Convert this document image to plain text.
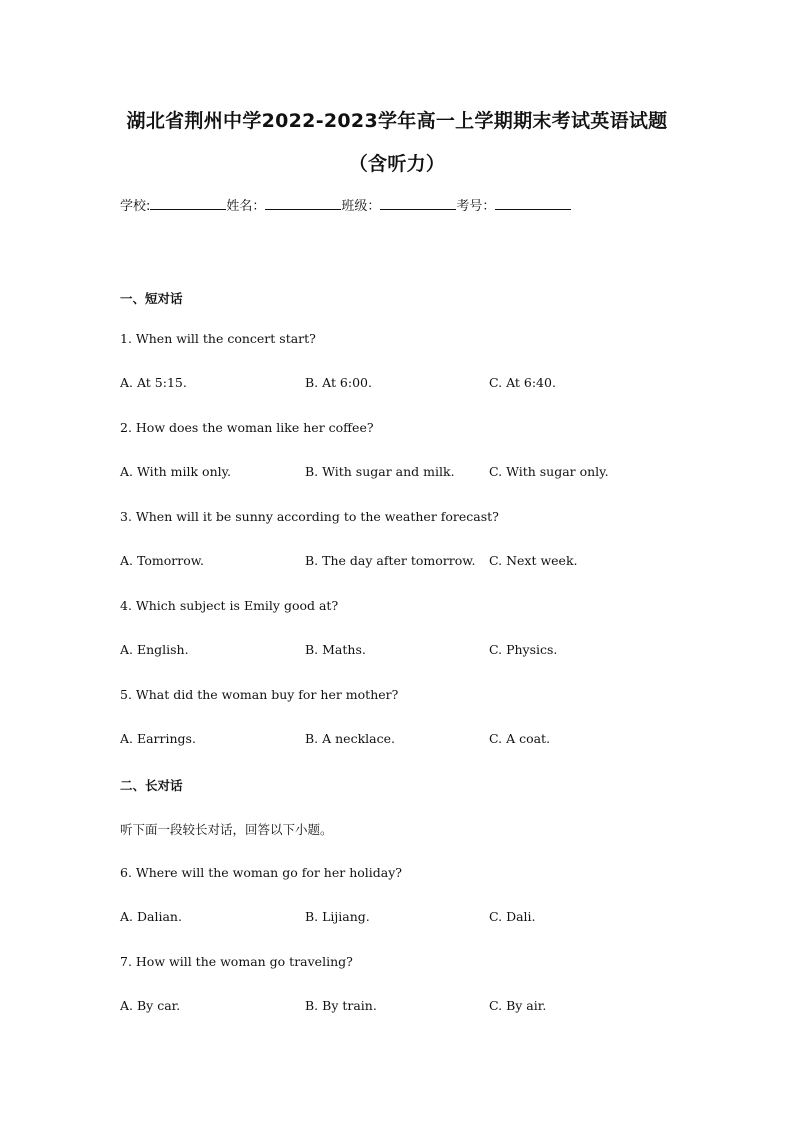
湖北省荆州中学2022-2023学年高一上学期期末考试英语试题
（含听力）
学校:	姓名：	班级：	考号：
一、短对话
1. When will the concert start?
A. At 5:15.	B. At 6:00.	C. At 6:40.
2. How does the woman like her coffee?
A. With milk only.	B. With sugar and milk.	C. With sugar only.
3. When will it be sunny according to the weather forecast?
A. Tomorrow.	B. The day after tomorrow. C. Next week.
4. Which subject is Emily good at?
A. English.	B. Maths.	C. Physics.
5. What did the woman buy for her mother?
A. Earrings.	B. A necklace.	C. A coat.
二、长对话
听下面一段较长对话，回答以下小题。
6. Where will the woman go for her holiday?
A. Dalian.	B. Lijiang.	C. Dali.
7. How will the woman go traveling?
A. By car.	B. By train.	C. By air.
